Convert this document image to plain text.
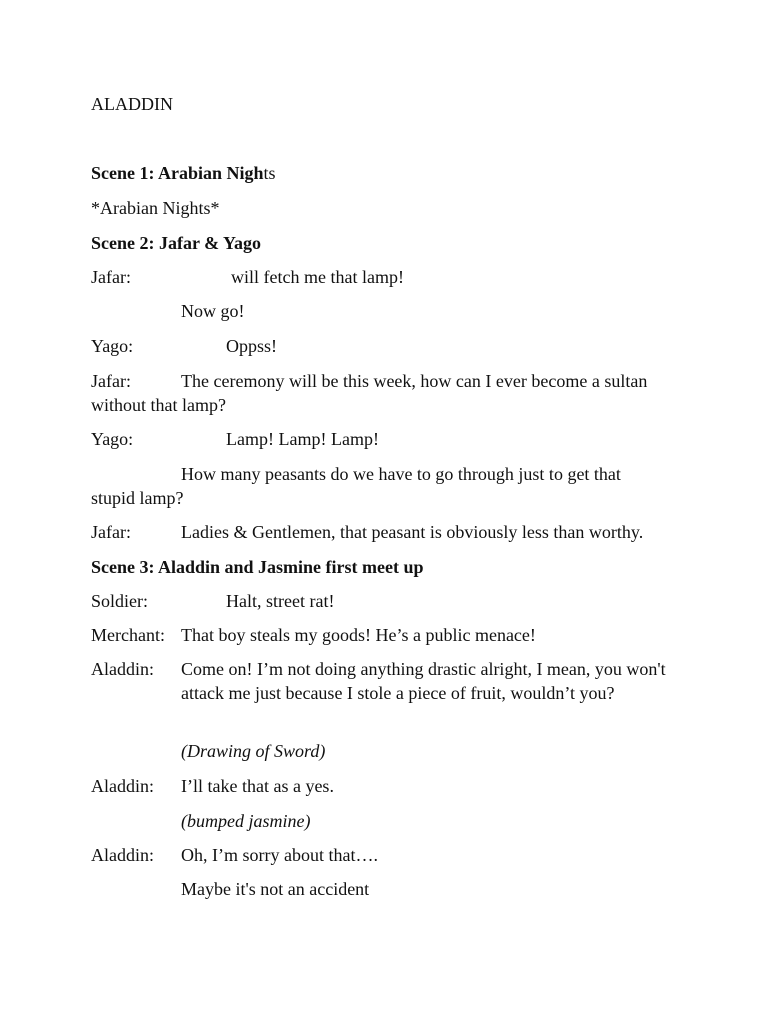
ALADDIN
Scene 1: Arabian Nights
*Arabian Nights*
Scene 2: Jafar & Yago
Jafar:	will fetch me that lamp!
Now go!
Yago:	Oppss!
Jafar:	The ceremony will be this week, how can I ever become a sultan
without that lamp?
Yago:	Lamp! Lamp! Lamp!
How many peasants do we have to go through just to get that
stupid lamp?
Jafar:	Ladies & Gentlemen, that peasant is obviously less than worthy.
Scene 3: Aladdin and Jasmine first meet up
Soldier:	Halt, street rat!
Merchant: That boy steals my goods! He’s a public menace!
Aladdin: Come on! I’m not doing anything drastic alright, I mean, you won't attack me just because I stole a piece of fruit, wouldn’t you?
(Drawing of Sword)
Aladdin: I’ll take that as a yes.
(bumped jasmine)
Aladdin: Oh, I’m sorry about that….
Maybe it's not an accident
